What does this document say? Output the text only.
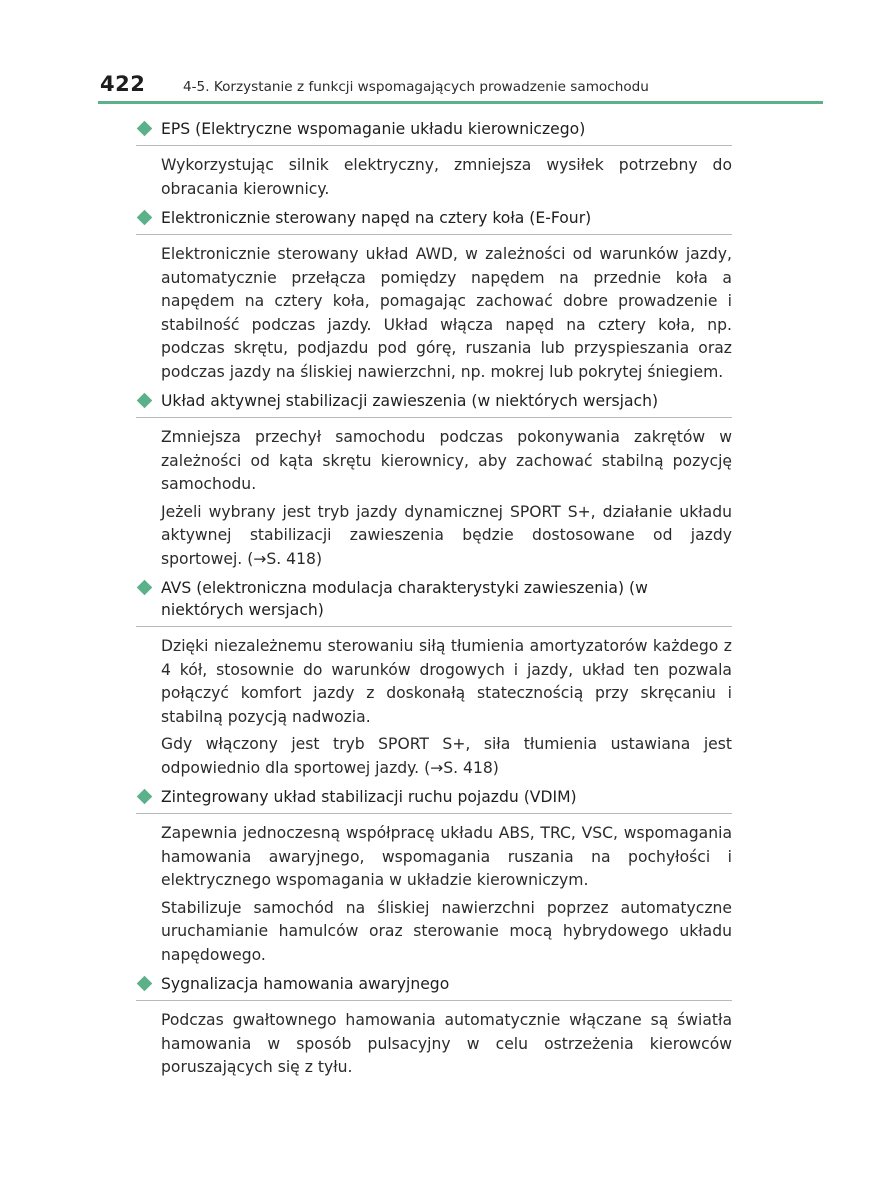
422	4-5. Korzystanie z funkcji wspomagających prowadzenie samochodu
EPS (Elektryczne wspomaganie układu kierowniczego)

Wykorzystując silnik elektryczny, zmniejsza wysiłek potrzebny do obracania kierownicy.

Elektronicznie sterowany napęd na cztery koła (E-Four)

Elektronicznie sterowany układ AWD, w zależności od warunków jazdy, automatycznie przełącza pomiędzy napędem na przednie koła a napędem na cztery koła, pomagając zachować dobre prowadzenie i stabilność podczas jazdy. Układ włącza napęd na cztery koła, np. podczas skrętu, podjazdu pod górę, ruszania lub przyspieszania oraz podczas jazdy na śliskiej nawierzchni, np. mokrej lub pokrytej śniegiem.

Układ aktywnej stabilizacji zawieszenia (w niektórych wersjach)

Zmniejsza przechył samochodu podczas pokonywania zakrętów w zależności od kąta skrętu kierownicy, aby zachować stabilną pozycję samochodu.

Jeżeli wybrany jest tryb jazdy dynamicznej SPORT S+, działanie układu aktywnej stabilizacji zawieszenia będzie dostosowane od jazdy sportowej. (→S. 418)

AVS (elektroniczna modulacja charakterystyki zawieszenia) (w niektórych wersjach)

Dzięki niezależnemu sterowaniu siłą tłumienia amortyzatorów każdego z 4 kół, stosownie do warunków drogowych i jazdy, układ ten pozwala połączyć komfort jazdy z doskonałą statecznością przy skręcaniu i stabilną pozycją nadwozia.

Gdy włączony jest tryb SPORT S+, siła tłumienia ustawiana jest odpowiednio dla sportowej jazdy. (→S. 418)

Zintegrowany układ stabilizacji ruchu pojazdu (VDIM)

Zapewnia jednoczesną współpracę układu ABS, TRC, VSC, wspomagania hamowania awaryjnego, wspomagania ruszania na pochyłości i elektrycznego wspomagania w układzie kierowniczym.

Stabilizuje samochód na śliskiej nawierzchni poprzez automatyczne uruchamianie hamulców oraz sterowanie mocą hybrydowego układu napędowego.

Sygnalizacja hamowania awaryjnego

Podczas gwałtownego hamowania automatycznie włączane są światła hamowania w sposób pulsacyjny w celu ostrzeżenia kierowców poruszających się z tyłu.
